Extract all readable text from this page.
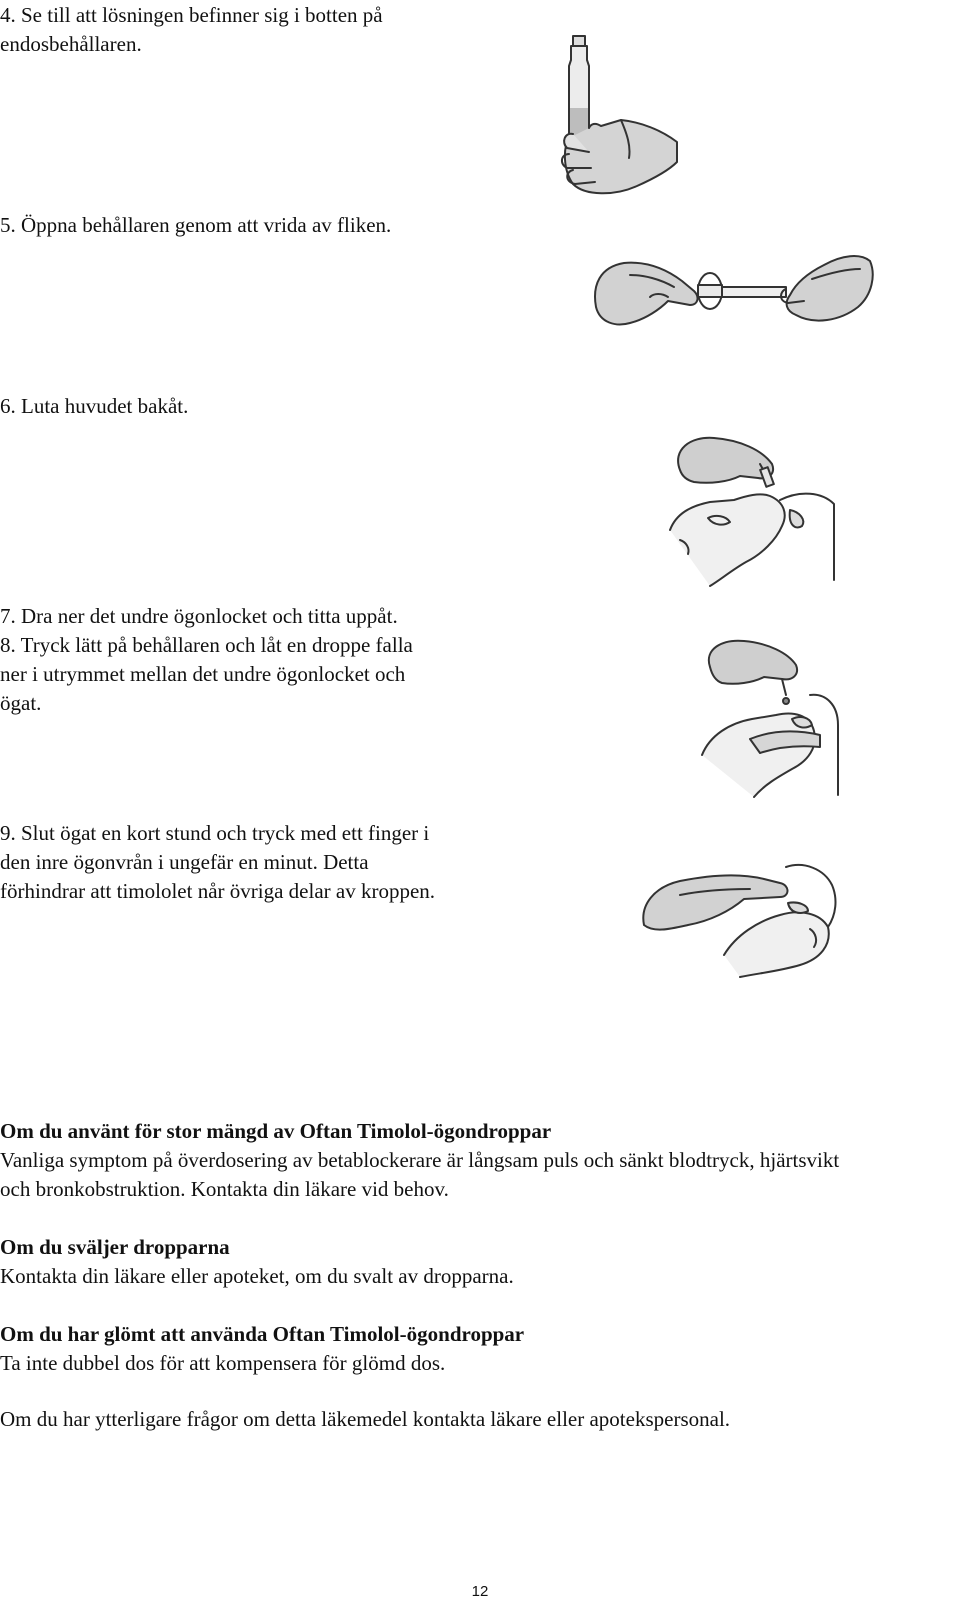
4. Se till att lösningen befinner sig i botten på

endosbehållaren.

5. Öppna behållaren genom att vrida av fliken.

6. Luta huvudet bakåt.

7. Dra ner det undre ögonlocket och titta uppåt.

8. Tryck lätt på behållaren och låt en droppe falla

ner i utrymmet mellan det undre ögonlocket och

ögat.

9. Slut ögat en kort stund och tryck med ett finger i

den inre ögonvrån i ungefär en minut. Detta

förhindrar att timololet når övriga delar av kroppen.

Om du använt för stor mängd av Oftan Timolol-ögondroppar

Vanliga symptom på överdosering av betablockerare är långsam puls och sänkt blodtryck, hjärtsvikt

och bronkobstruktion. Kontakta din läkare vid behov.

Om du sväljer dropparna

Kontakta din läkare eller apoteket, om du svalt av dropparna.

Om du har glömt att använda Oftan Timolol-ögondroppar

Ta inte dubbel dos för att kompensera för glömd dos.

Om du har ytterligare frågor om detta läkemedel kontakta läkare eller apotekspersonal.

12
